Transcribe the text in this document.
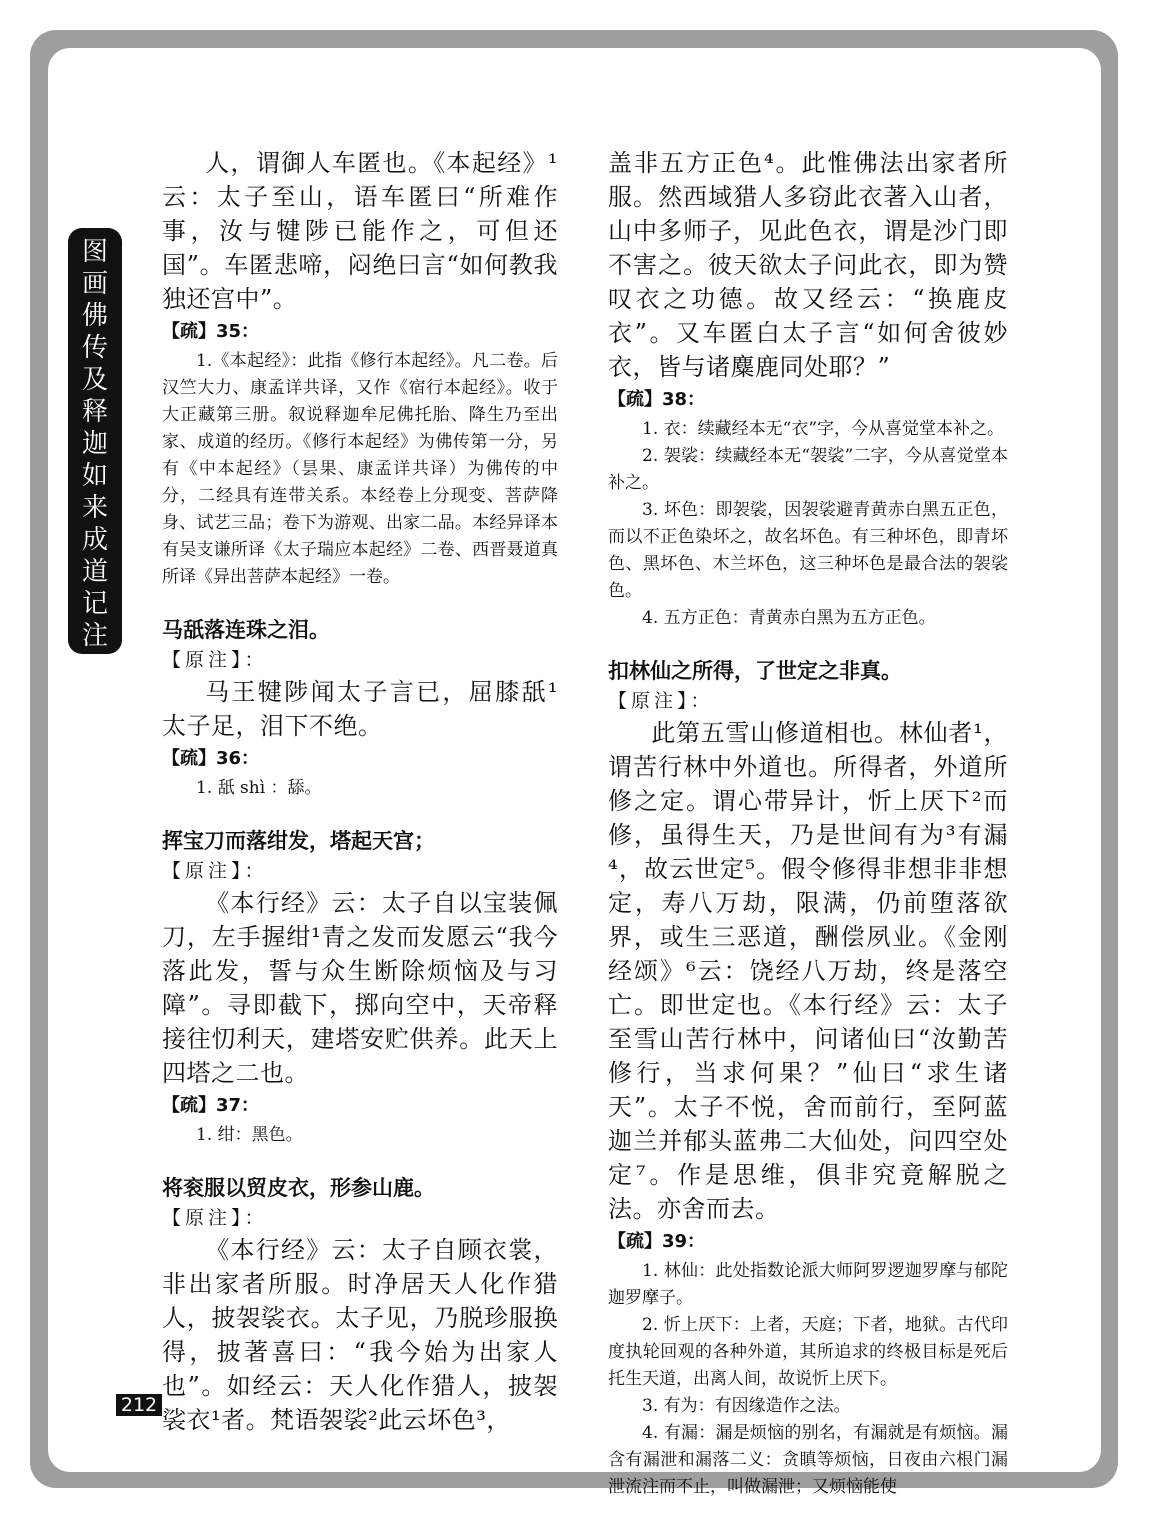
图画佛传及释迦如来成道记注疏

人，谓御人车匿也。《本起经》¹云：太子至山，语车匿曰“所难作事，汝与犍陟已能作之，可但还国”。车匿悲啼，闷绝曰言“如何教我独还宫中”。

【疏】35：

1.《本起经》：此指《修行本起经》。凡二卷。后汉竺大力、康孟详共译，又作《宿行本起经》。收于大正藏第三册。叙说释迦牟尼佛托胎、降生乃至出家、成道的经历。《修行本起经》为佛传第一分，另有《中本起经》（昙果、康孟详共译）为佛传的中分，二经具有连带关系。本经卷上分现变、菩萨降身、试艺三品；卷下为游观、出家二品。本经异译本有吴支谦所译《太子瑞应本起经》二卷、西晋聂道真所译《异出菩萨本起经》一卷。

马舐落连珠之泪。

【原注】：

马王犍陟闻太子言已，屈膝舐¹太子足，泪下不绝。

【疏】36：

1. 舐 shì ：舔。

挥宝刀而落绀发，塔起天宫；

【原注】：

《本行经》云：太子自以宝装佩刀，左手握绀¹青之发而发愿云“我今落此发，誓与众生断除烦恼及与习障”。寻即截下，掷向空中，天帝释接往忉利天，建塔安贮供养。此天上四塔之二也。

【疏】37：

1. 绀：黑色。

将衮服以贸皮衣，形参山鹿。

【原注】：

《本行经》云：太子自顾衣裳，非出家者所服。时净居天人化作猎人，披袈裟衣。太子见，乃脱珍服换得，披著喜曰：“我今始为出家人也”。如经云：天人化作猎人，披袈裟衣¹者。梵语袈裟²此云坏色³，

盖非五方正色⁴。此惟佛法出家者所服。然西域猎人多窃此衣著入山者，山中多师子，见此色衣，谓是沙门即不害之。彼天欲太子问此衣，即为赞叹衣之功德。故又经云：“换鹿皮衣”。又车匿白太子言“如何舍彼妙衣，皆与诸麋鹿同处耶？”

【疏】38：

1. 衣：续藏经本无“衣”字，今从喜觉堂本补之。

2. 袈裟：续藏经本无“袈裟”二字，今从喜觉堂本补之。

3. 坏色：即袈裟，因袈裟避青黄赤白黑五正色，而以不正色染坏之，故名坏色。有三种坏色，即青坏色、黑坏色、木兰坏色，这三种坏色是最合法的袈裟色。

4. 五方正色：青黄赤白黑为五方正色。

扣林仙之所得，了世定之非真。

【原注】：

此第五雪山修道相也。林仙者¹，谓苦行林中外道也。所得者，外道所修之定。谓心带异计，忻上厌下²而修，虽得生天，乃是世间有为³有漏⁴，故云世定⁵。假令修得非想非非想定，寿八万劫，限满，仍前堕落欲界，或生三恶道，酬偿夙业。《金刚经颂》⁶云：饶经八万劫，终是落空亡。即世定也。《本行经》云：太子至雪山苦行林中，问诸仙曰“汝勤苦修行，当求何果？”仙曰“求生诸天”。太子不悦，舍而前行，至阿蓝迦兰并郁头蓝弗二大仙处，问四空处定⁷。作是思维，俱非究竟解脱之法。亦舍而去。

【疏】39：

1. 林仙：此处指数论派大师阿罗逻迦罗摩与郁陀迦罗摩子。

2. 忻上厌下：上者，天庭；下者，地狱。古代印度执轮回观的各种外道，其所追求的终极目标是死后托生天道，出离人间，故说忻上厌下。

3. 有为：有因缘造作之法。

4. 有漏：漏是烦恼的别名，有漏就是有烦恼。漏含有漏泄和漏落二义：贪瞋等烦恼，日夜由六根门漏泄流注而不止，叫做漏泄；又烦恼能使

212
